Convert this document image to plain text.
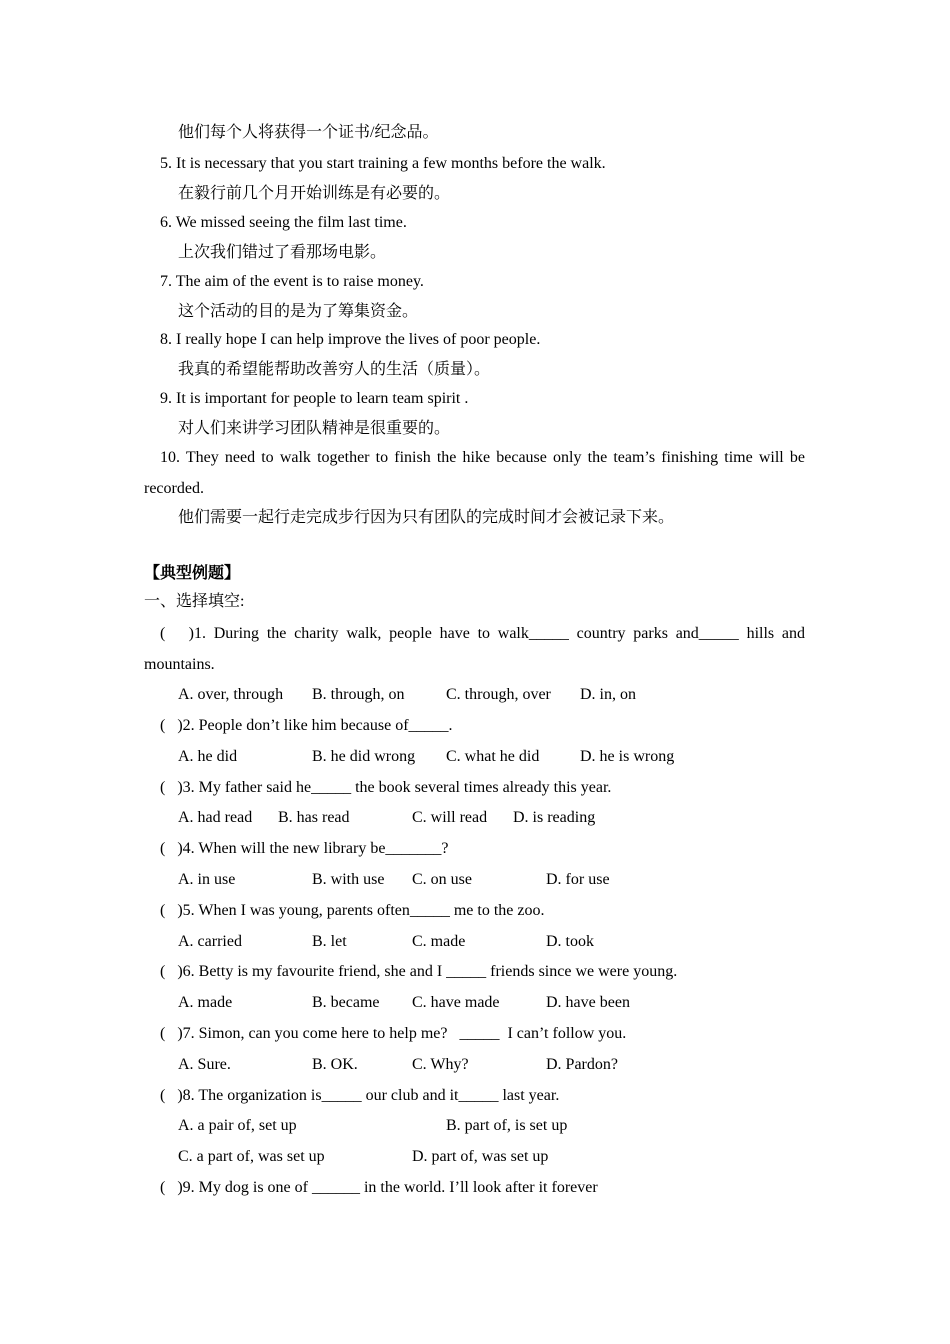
他们每个人将获得一个证书/纪念品。
5. It is necessary that you start training a few months before the walk.
在毅行前几个月开始训练是有必要的。
6. We missed seeing the film last time.
上次我们错过了看那场电影。
7. The aim of the event is to raise money.
这个活动的目的是为了筹集资金。
8. I really hope I can help improve the lives of poor people.
我真的希望能帮助改善穷人的生活（质量）。
9. It is important for people to learn team spirit .
对人们来讲学习团队精神是很重要的。
10. They need to walk together to finish the hike because only the team’s finishing time will be
recorded.
他们需要一起行走完成步行因为只有团队的完成时间才会被记录下来。
【典型例题】
一、选择填空:
(   )1. During the charity walk, people have to walk_____ country parks and_____ hills and
mountains.
A. over, through B. through, on	C. through, over D. in, on
(   )2. People don’t like him because of_____.
A. he did	B. he did wrong C. what he did	D. he is wrong
(   )3. My father said he_____ the book several times already this year.
A. had read B. has read	C. will read D. is reading
(   )4. When will the new library be_______?
A. in use	B. with use C. on use	D. for use
(   )5. When I was young, parents often_____ me to the zoo.
A. carried	B. let	C. made	D. took
(   )6. Betty is my favourite friend, she and I _____ friends since we were young.
A. made	B. became C. have made	D. have been
(   )7. Simon, can you come here to help me?   _____  I can’t follow you.
A. Sure.	B. OK.	C. Why?	D. Pardon?
(   )8. The organization is_____ our club and it_____ last year.
A. a pair of, set up	B. part of, is set up
C. a part of, was set up	D. part of, was set up
(   )9. My dog is one of ______ in the world. I’ll look after it forever
